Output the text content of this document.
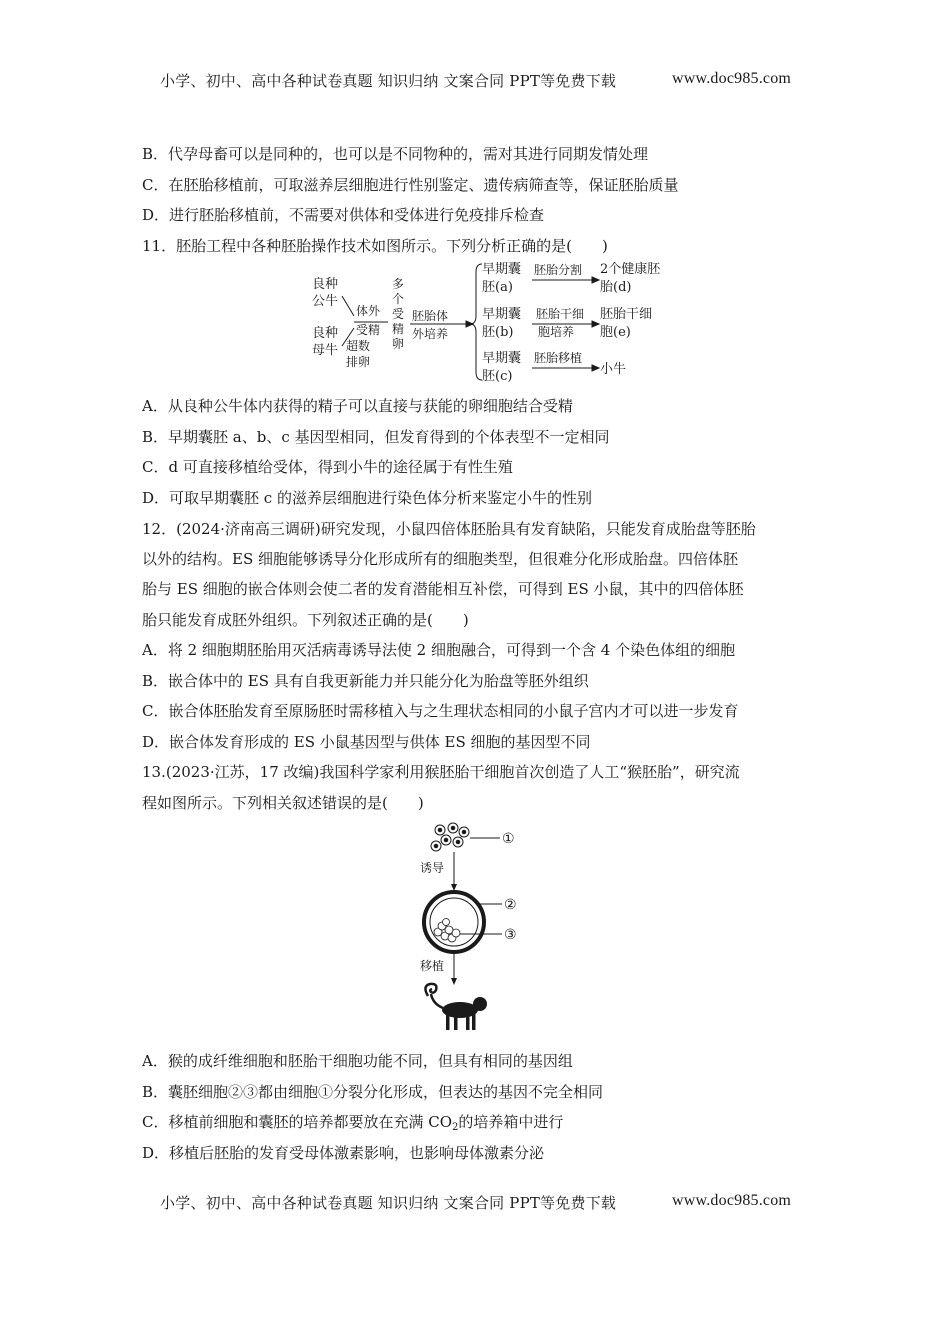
小学、初中、高中各种试卷真题 知识归纳 文案合同 PPT等免费下载	www.doc985.com
B．代孕母畜可以是同种的，也可以是不同物种的，需对其进行同期发情处理
C．在胚胎移植前，可取滋养层细胞进行性别鉴定、遗传病筛查等，保证胚胎质量
D．进行胚胎移植前，不需要对供体和受体进行免疫排斥检查
11．胚胎工程中各种胚胎操作技术如图所示。下列分析正确的是(　　)
良种
公牛
良种
母牛 超数
排卵
体外
受精
多
个
受
精
卵
胚胎体
外培养
早期囊
胚(a)
早期囊
胚(b)
早期囊
胚(c)
胚胎分割
胚胎干细
胞培养
胚胎移植
2个健康胚
胎(d)
胚胎干细
胞(e)
小牛
A．从良种公牛体内获得的精子可以直接与获能的卵细胞结合受精
B．早期囊胚 a、b、c 基因型相同，但发育得到的个体表型不一定相同
C．d 可直接移植给受体，得到小牛的途径属于有性生殖
D．可取早期囊胚 c 的滋养层细胞进行染色体分析来鉴定小牛的性别
12．(2024·济南高三调研)研究发现，小鼠四倍体胚胎具有发育缺陷，只能发育成胎盘等胚胎
以外的结构。ES 细胞能够诱导分化形成所有的细胞类型，但很难分化形成胎盘。四倍体胚
胎与 ES 细胞的嵌合体则会使二者的发育潜能相互补偿，可得到 ES 小鼠，其中的四倍体胚
胎只能发育成胚外组织。下列叙述正确的是(　　)
A．将 2 细胞期胚胎用灭活病毒诱导法使 2 细胞融合，可得到一个含 4 个染色体组的细胞
B．嵌合体中的 ES 具有自我更新能力并只能分化为胎盘等胚外组织
C．嵌合体胚胎发育至原肠胚时需移植入与之生理状态相同的小鼠子宫内才可以进一步发育
D．嵌合体发育形成的 ES 小鼠基因型与供体 ES 细胞的基因型不同
13.(2023·江苏，17 改编)我国科学家利用猴胚胎干细胞首次创造了人工“猴胚胎”，研究流
程如图所示。下列相关叙述错误的是(　　)
①
诱导
②
③
移植
A．猴的成纤维细胞和胚胎干细胞功能不同，但具有相同的基因组
B．囊胚细胞②③都由细胞①分裂分化形成，但表达的基因不完全相同
C．移植前细胞和囊胚的培养都要放在充满 $CO_2$的培养箱中进行
D．移植后胚胎的发育受母体激素影响，也影响母体激素分泌
小学、初中、高中各种试卷真题 知识归纳 文案合同 PPT等免费下载	www.doc985.com
